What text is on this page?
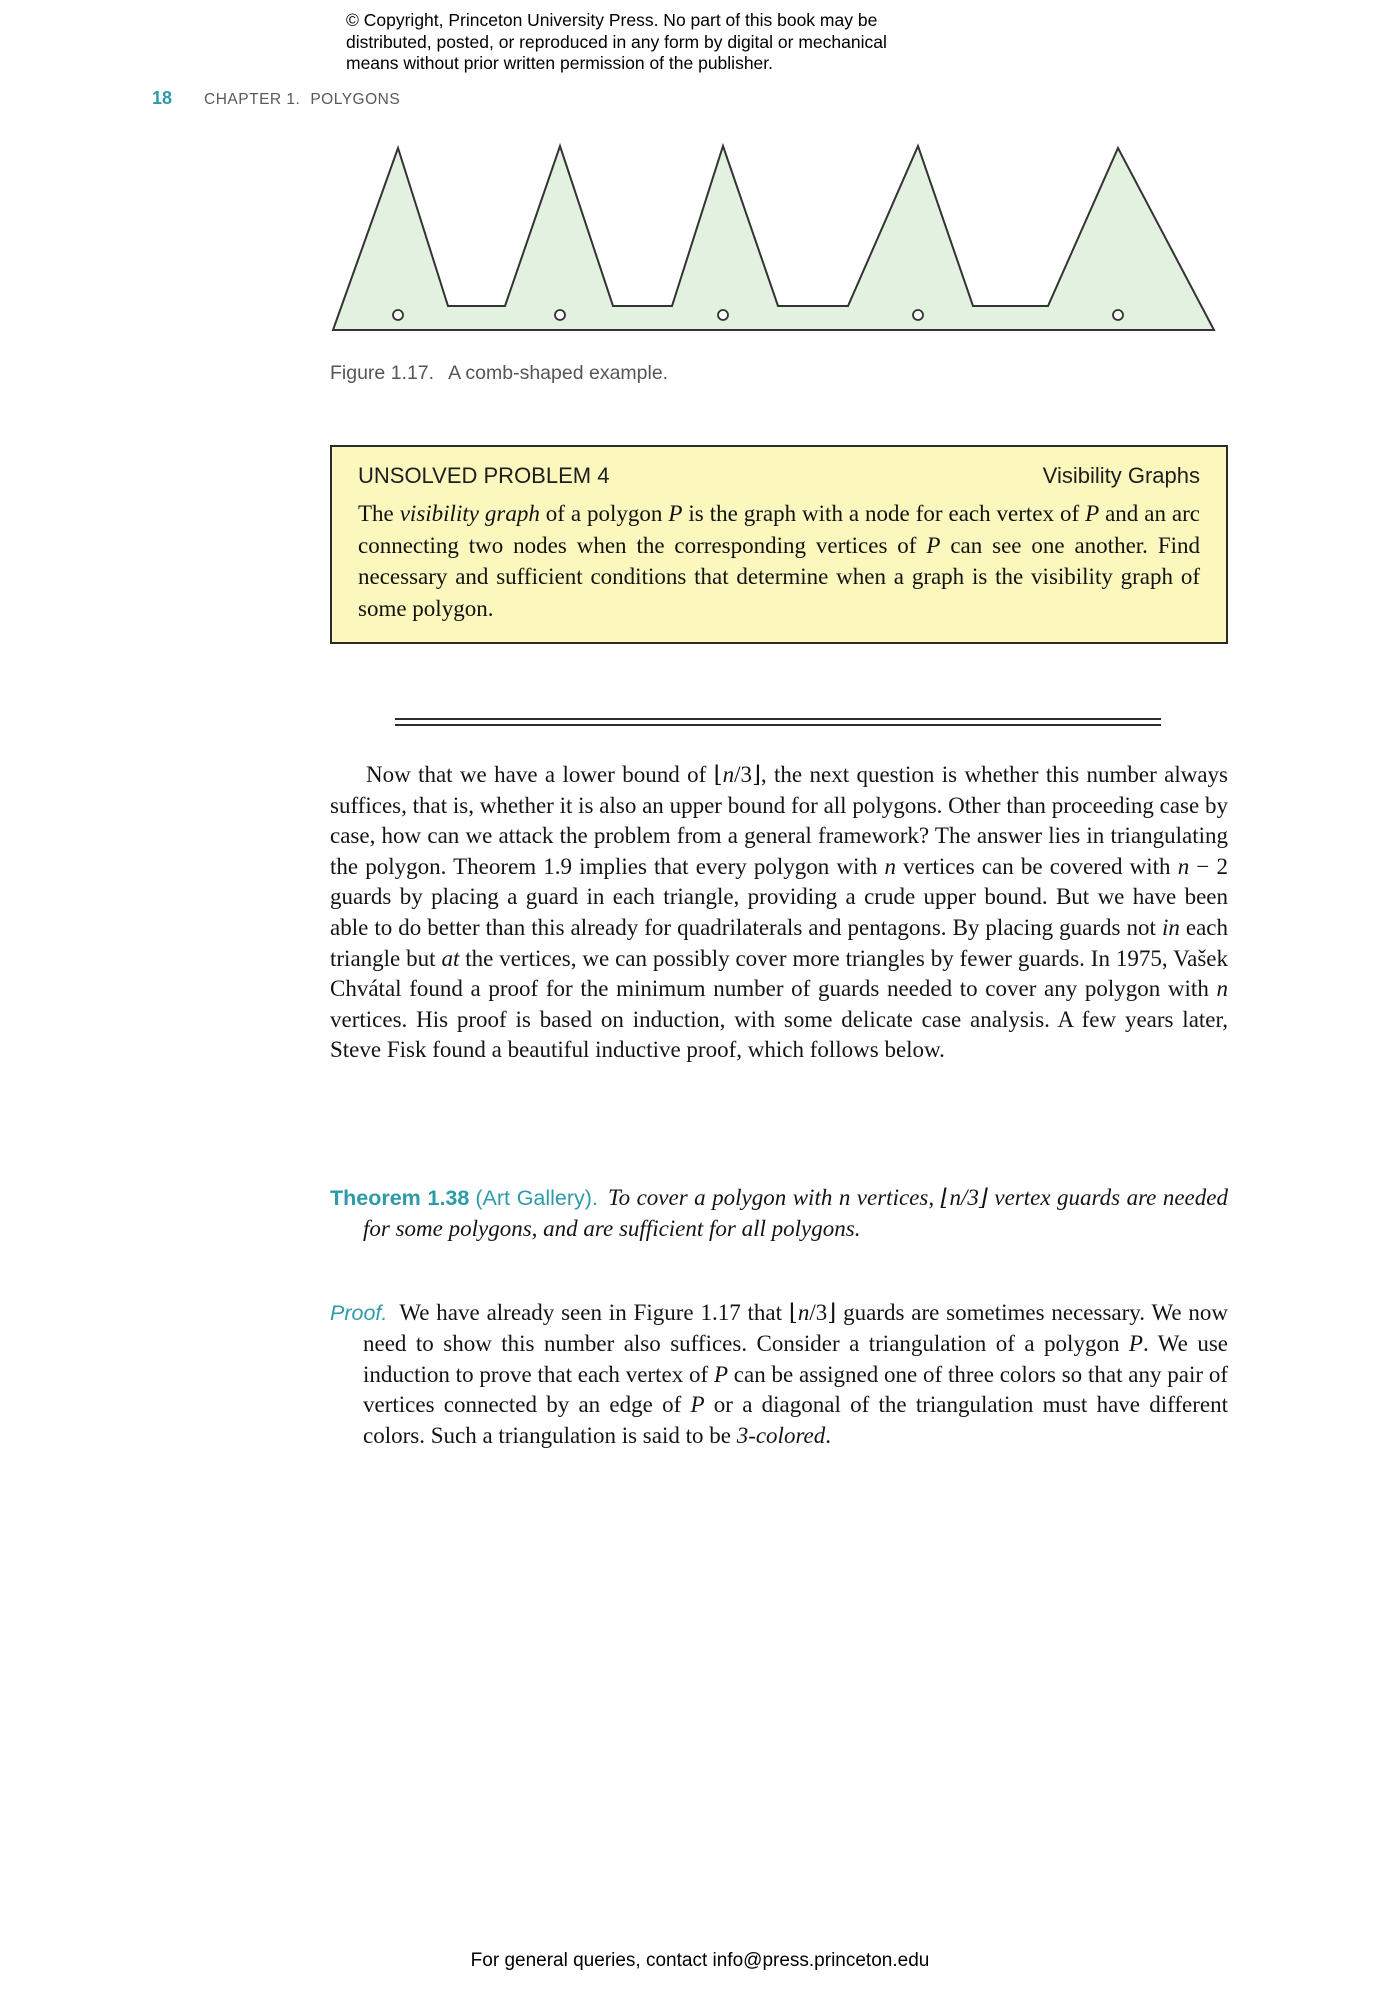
© Copyright, Princeton University Press. No part of this book may be
distributed, posted, or reproduced in any form by digital or mechanical
means without prior written permission of the publisher.
18 CHAPTER 1. POLYGONS
Figure 1.17. A comb-shaped example.
UNSOLVED PROBLEM 4	Visibility Graphs
The visibility graph of a polygon P is the graph with a node for each vertex of P and an arc connecting two nodes when the corresponding vertices of P can see one another. Find necessary and sufficient conditions that determine when a graph is the visibility graph of some polygon.

Now that we have a lower bound of ⌊n/3⌋, the next question is whether this number always suffices, that is, whether it is also an upper bound for all polygons. Other than proceeding case by case, how can we attack the problem from a general framework? The answer lies in triangulating the polygon. Theorem 1.9 implies that every polygon with n vertices can be covered with n − 2 guards by placing a guard in each triangle, providing a crude upper bound. But we have been able to do better than this already for quadrilaterals and pentagons. By placing guards not in each triangle but at the vertices, we can possibly cover more triangles by fewer guards. In 1975, Vašek Chvátal found a proof for the minimum number of guards needed to cover any polygon with n vertices. His proof is based on induction, with some delicate case analysis. A few years later, Steve Fisk found a beautiful inductive proof, which follows below.

Theorem 1.38 (Art Gallery). To cover a polygon with n vertices, ⌊n/3⌋ vertex guards are needed for some polygons, and are sufficient for all polygons.

Proof. We have already seen in Figure 1.17 that ⌊n/3⌋ guards are sometimes necessary. We now need to show this number also suffices. Consider a triangulation of a polygon P. We use induction to prove that each vertex of P can be assigned one of three colors so that any pair of vertices connected by an edge of P or a diagonal of the triangulation must have different colors. Such a triangulation is said to be 3-colored.

For general queries, contact info@press.princeton.edu
